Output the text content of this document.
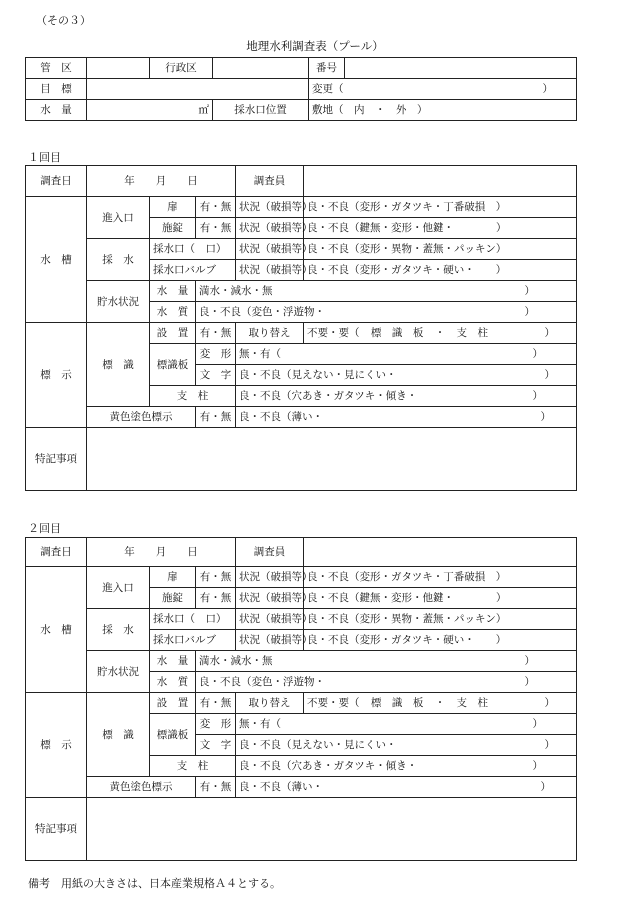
（その３）
地理水利調査表（プール）
管　区		行政区		番号	
目　標				変更（ ）	

水　量	㎡		採水口位置	敷地（　内　・　外　）	
１回目
調査日	年　　月　　日			調査員	
水　槽	進入口	扉	有・無	状況（破損等）	良・不良（変形・ガタツキ・丁番破損　）
		施錠	有・無	状況（破損等）	良・不良（鍵無・変形・他鍵・　　　　）
	採　水	採水口（　口）		状況（破損等）	良・不良（変形・異物・蓋無・パッキン）
		採水口バルブ		状況（破損等）	良・不良（変形・ガタツキ・硬い・　　）
	貯水状況	水　量	満水・減水・無 ）		

		水　質	良・不良（変色・浮遊物・ ）		

標　示	標　識	設　置	有・無	取り替え	不要・要（ 標　識　板 ・ 支　柱 ）

		標識板	変　形	無・有（ ）	

			文　字	良・不良（見えない・見にくい・ ）	

		支　柱		良・不良（穴あき・ガタツキ・傾き・ ）	

	黄色塗色標示		有・無	良・不良（薄い・ ）	

特記事項					
２回目
調査日	年　　月　　日			調査員	
水　槽	進入口	扉	有・無	状況（破損等）	良・不良（変形・ガタツキ・丁番破損　）
		施錠	有・無	状況（破損等）	良・不良（鍵無・変形・他鍵・　　　　）
	採　水	採水口（　口）		状況（破損等）	良・不良（変形・異物・蓋無・パッキン）
		採水口バルブ		状況（破損等）	良・不良（変形・ガタツキ・硬い・　　）
	貯水状況	水　量	満水・減水・無 ）		

		水　質	良・不良（変色・浮遊物・ ）		

標　示	標　識	設　置	有・無	取り替え	不要・要（ 標　識　板 ・ 支　柱 ）

		標識板	変　形	無・有（ ）	

			文　字	良・不良（見えない・見にくい・ ）	

		支　柱		良・不良（穴あき・ガタツキ・傾き・ ）	

	黄色塗色標示		有・無	良・不良（薄い・ ）	

特記事項					
備考　用紙の大きさは、日本産業規格Ａ４とする。
